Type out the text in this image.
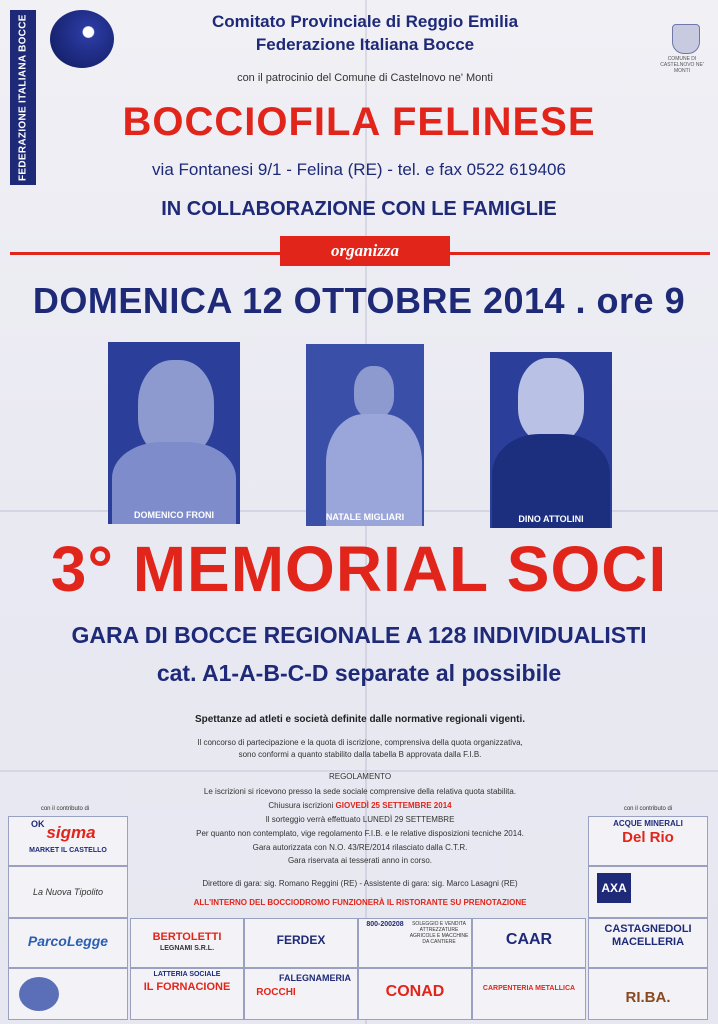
FEDERAZIONE ITALIANA BOCCE	COMUNE DI CASTELNOVO NE' MONTI
Comitato Provinciale di Reggio Emilia
Federazione Italiana Bocce
con il patrocinio del Comune di Castelnovo ne' Monti
BOCCIOFILA FELINESE
via Fontanesi 9/1 - Felina (RE) - tel. e fax 0522 619406
IN COLLABORAZIONE CON LE FAMIGLIE
organizza
DOMENICA 12 OTTOBRE 2014 . ore 9
DOMENICO FRONI	NATALE MIGLIARI	DINO ATTOLINI
3° MEMORIAL SOCI
GARA DI BOCCE REGIONALE A 128 INDIVIDUALISTI
cat. A1-A-B-C-D separate al possibile
Spettanze ad atleti e società definite dalle normative regionali vigenti.
Il concorso di partecipazione e la quota di iscrizione, comprensiva della quota organizzativa,
sono conformi a quanto stabilito dalla tabella B approvata dalla F.I.B.
REGOLAMENTO
Le iscrizioni si ricevono presso la sede sociale comprensive della relativa quota stabilita.
Chiusura iscrizioni GIOVEDÌ 25 SETTEMBRE 2014
Il sorteggio verrà effettuato LUNEDÌ 29 SETTEMBRE
Per quanto non contemplato, vige regolamento F.I.B. e le relative disposizioni tecniche 2014.
Gara autorizzata con N.O. 43/RE/2014 rilasciato dalla C.T.R.
Gara riservata ai tesserati anno in corso.
Direttore di gara: sig. Romano Reggini (RE) - Assistente di gara: sig. Marco Lasagni (RE)
ALL'INTERNO DEL BOCCIODROMO FUNZIONERÀ IL RISTORANTE SU PRENOTAZIONE
con il contributo di
OK sigma
MARKET IL CASTELLO
La Nuova Tipolito
ParcoLegge	BERTOLETTI
LEGNAMI S.R.L.
FERDEX
800-200208	SOLEGGIO E VENDITA ATTREZZATURE AGRICOLE E MACCHINE DA CANTIERE	CAAR
LATTERIA SOCIALE
IL FORNACIONE
FALEGNAMERIA
ROCCHI	CONAD	CARPENTERIA METALLICA
con il contributo di
ACQUE MINERALI
Del Rio
AXA
CASTAGNEDOLI
MACELLERIA
RI.BA.
